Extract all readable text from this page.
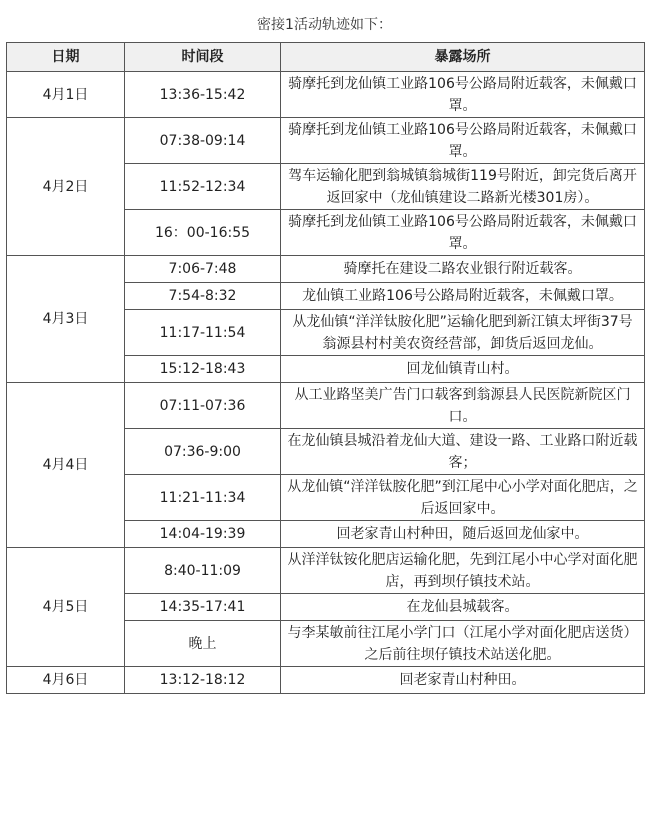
密接1活动轨迹如下：
日期	时间段	暴露场所
4月1日	13:36-15:42	骑摩托到龙仙镇工业路106号公路局附近载客，未佩戴口罩。
4月2日	07:38-09:14	骑摩托到龙仙镇工业路106号公路局附近载客，未佩戴口罩。
	11:52-12:34	驾车运输化肥到翁城镇翁城街119号附近，卸完货后离开返回家中（龙仙镇建设二路新光楼301房）。
	16：00-16:55	骑摩托到龙仙镇工业路106号公路局附近载客，未佩戴口罩。
4月3日	7:06-7:48	骑摩托在建设二路农业银行附近载客。
	7:54-8:32	龙仙镇工业路106号公路局附近载客，未佩戴口罩。
	11:17-11:54	从龙仙镇“洋洋钛胺化肥”运输化肥到新江镇太坪街37号翁源县村村美农资经营部，卸货后返回龙仙。
	15:12-18:43	回龙仙镇青山村。
4月4日	07:11-07:36	从工业路坚美广告门口载客到翁源县人民医院新院区门口。
	07:36-9:00	在龙仙镇县城沿着龙仙大道、建设一路、工业路口附近载客；
	11:21-11:34	从龙仙镇“洋洋钛胺化肥”到江尾中心小学对面化肥店，之后返回家中。
	14:04-19:39	回老家青山村种田，随后返回龙仙家中。
4月5日	8:40-11:09	从洋洋钛铵化肥店运输化肥，先到江尾小中心学对面化肥店，再到坝仔镇技术站。
	14:35-17:41	在龙仙县城载客。
	晚上	与李某敏前往江尾小学门口（江尾小学对面化肥店送货）之后前往坝仔镇技术站送化肥。
4月6日	13:12-18:12	回老家青山村种田。
